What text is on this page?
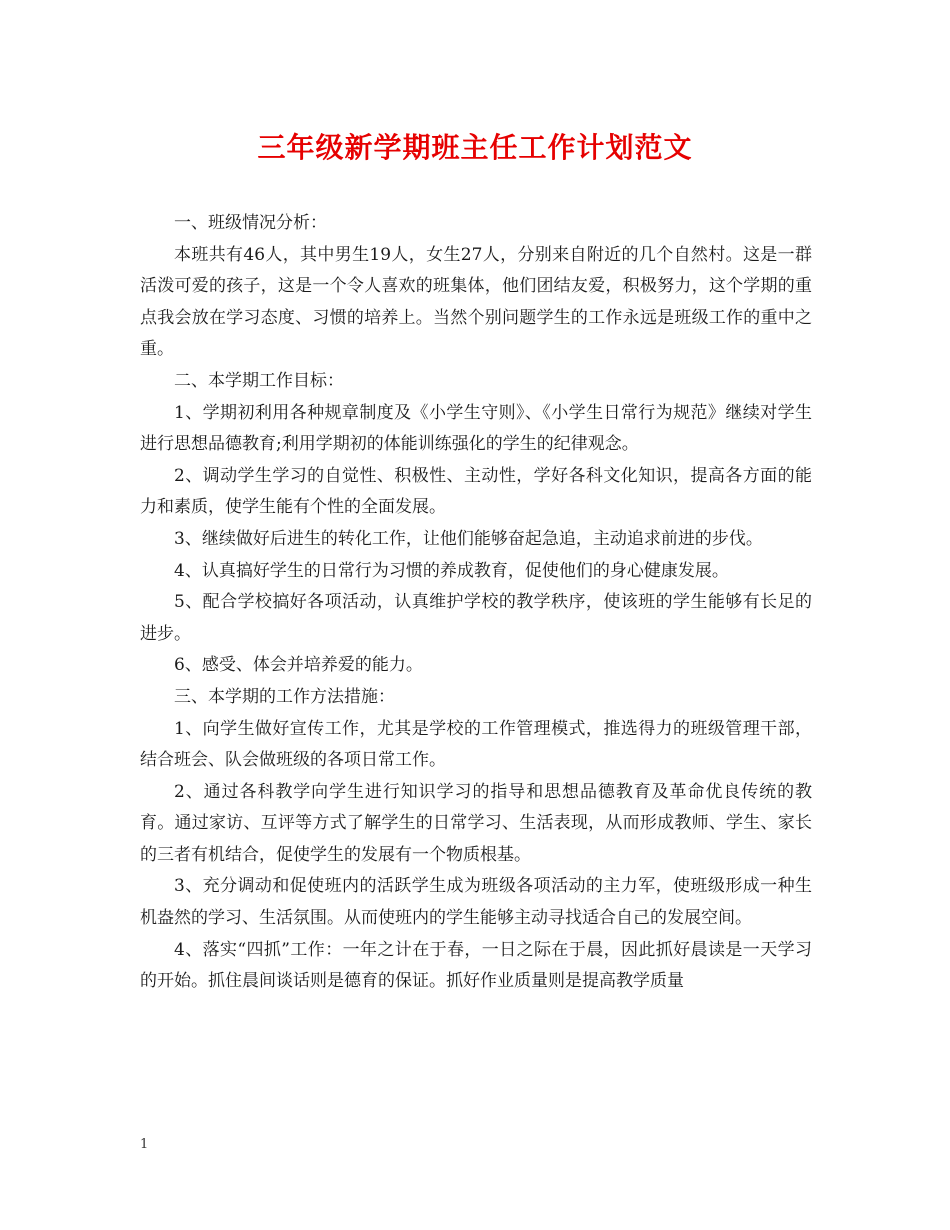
三年级新学期班主任工作计划范文

一、班级情况分析：

本班共有46人，其中男生19人，女生27人，分别来自附近的几个自然村。这是一群活泼可爱的孩子，这是一个令人喜欢的班集体，他们团结友爱，积极努力，这个学期的重点我会放在学习态度、习惯的培养上。当然个别问题学生的工作永远是班级工作的重中之重。

二、本学期工作目标：

1、学期初利用各种规章制度及《小学生守则》、《小学生日常行为规范》继续对学生进行思想品德教育;利用学期初的体能训练强化的学生的纪律观念。

2、调动学生学习的自觉性、积极性、主动性，学好各科文化知识，提高各方面的能力和素质，使学生能有个性的全面发展。

3、继续做好后进生的转化工作，让他们能够奋起急追，主动追求前进的步伐。

4、认真搞好学生的日常行为习惯的养成教育，促使他们的身心健康发展。

5、配合学校搞好各项活动，认真维护学校的教学秩序，使该班的学生能够有长足的进步。

6、感受、体会并培养爱的能力。

三、本学期的工作方法措施：

1、向学生做好宣传工作，尤其是学校的工作管理模式，推选得力的班级管理干部，结合班会、队会做班级的各项日常工作。

2、通过各科教学向学生进行知识学习的指导和思想品德教育及革命优良传统的教育。通过家访、互评等方式了解学生的日常学习、生活表现，从而形成教师、学生、家长的三者有机结合，促使学生的发展有一个物质根基。

3、充分调动和促使班内的活跃学生成为班级各项活动的主力军，使班级形成一种生机盎然的学习、生活氛围。从而使班内的学生能够主动寻找适合自己的发展空间。

4、落实“四抓”工作：一年之计在于春，一日之际在于晨，因此抓好晨读是一天学习的开始。抓住晨间谈话则是德育的保证。抓好作业质量则是提高教学质量

1
